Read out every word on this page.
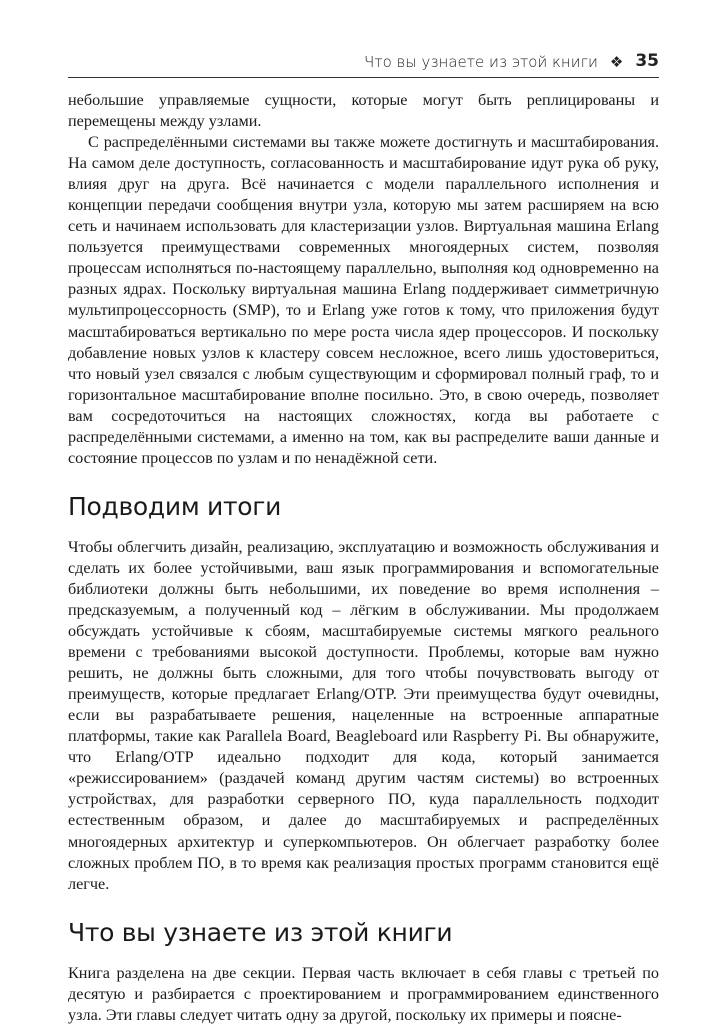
Что вы узнаете из этой книги ❖ 35

небольшие управляемые сущности, которые могут быть реплицированы и перемещены между узлами.

С распределёнными системами вы также можете достигнуть и масштабирования. На самом деле доступность, согласованность и масштабирование идут рука об руку, влияя друг на друга. Всё начинается с модели параллельного исполнения и концепции передачи сообщения внутри узла, которую мы затем расширяем на всю сеть и начинаем использовать для кластеризации узлов. Виртуальная машина Erlang пользуется преимуществами современных многоядерных систем, позволяя процессам исполняться по-настоящему параллельно, выполняя код одновременно на разных ядрах. Поскольку виртуальная машина Erlang поддерживает симметричную мультипроцессорность (SMP), то и Erlang уже готов к тому, что приложения будут масштабироваться вертикально по мере роста числа ядер процессоров. И поскольку добавление новых узлов к кластеру совсем несложное, всего лишь удостовериться, что новый узел связался с любым существующим и сформировал полный граф, то и горизонтальное масштабирование вполне посильно. Это, в свою очередь, позволяет вам сосредоточиться на настоящих сложностях, когда вы работаете с распределёнными системами, а именно на том, как вы распределите ваши данные и состояние процессов по узлам и по ненадёжной сети.

Подводим итоги

Чтобы облегчить дизайн, реализацию, эксплуатацию и возможность обслуживания и сделать их более устойчивыми, ваш язык программирования и вспомогательные библиотеки должны быть небольшими, их поведение во время исполнения – предсказуемым, а полученный код – лёгким в обслуживании. Мы продолжаем обсуждать устойчивые к сбоям, масштабируемые системы мягкого реального времени с требованиями высокой доступности. Проблемы, которые вам нужно решить, не должны быть сложными, для того чтобы почувствовать выгоду от преимуществ, которые предлагает Erlang/OTP. Эти преимущества будут очевидны, если вы разрабатываете решения, нацеленные на встроенные аппаратные платформы, такие как Parallela Board, Beagleboard или Raspberry Pi. Вы обнаружите, что Erlang/OTP идеально подходит для кода, который занимается «режиссированием» (раздачей команд другим частям системы) во встроенных устройствах, для разработки серверного ПО, куда параллельность подходит естественным образом, и далее до масштабируемых и распределённых многоядерных архитектур и суперкомпьютеров. Он облегчает разработку более сложных проблем ПО, в то время как реализация простых программ становится ещё легче.

Что вы узнаете из этой книги

Книга разделена на две секции. Первая часть включает в себя главы с третьей по десятую и разбирается с проектированием и программированием единственного узла. Эти главы следует читать одну за другой, поскольку их примеры и поясне-
